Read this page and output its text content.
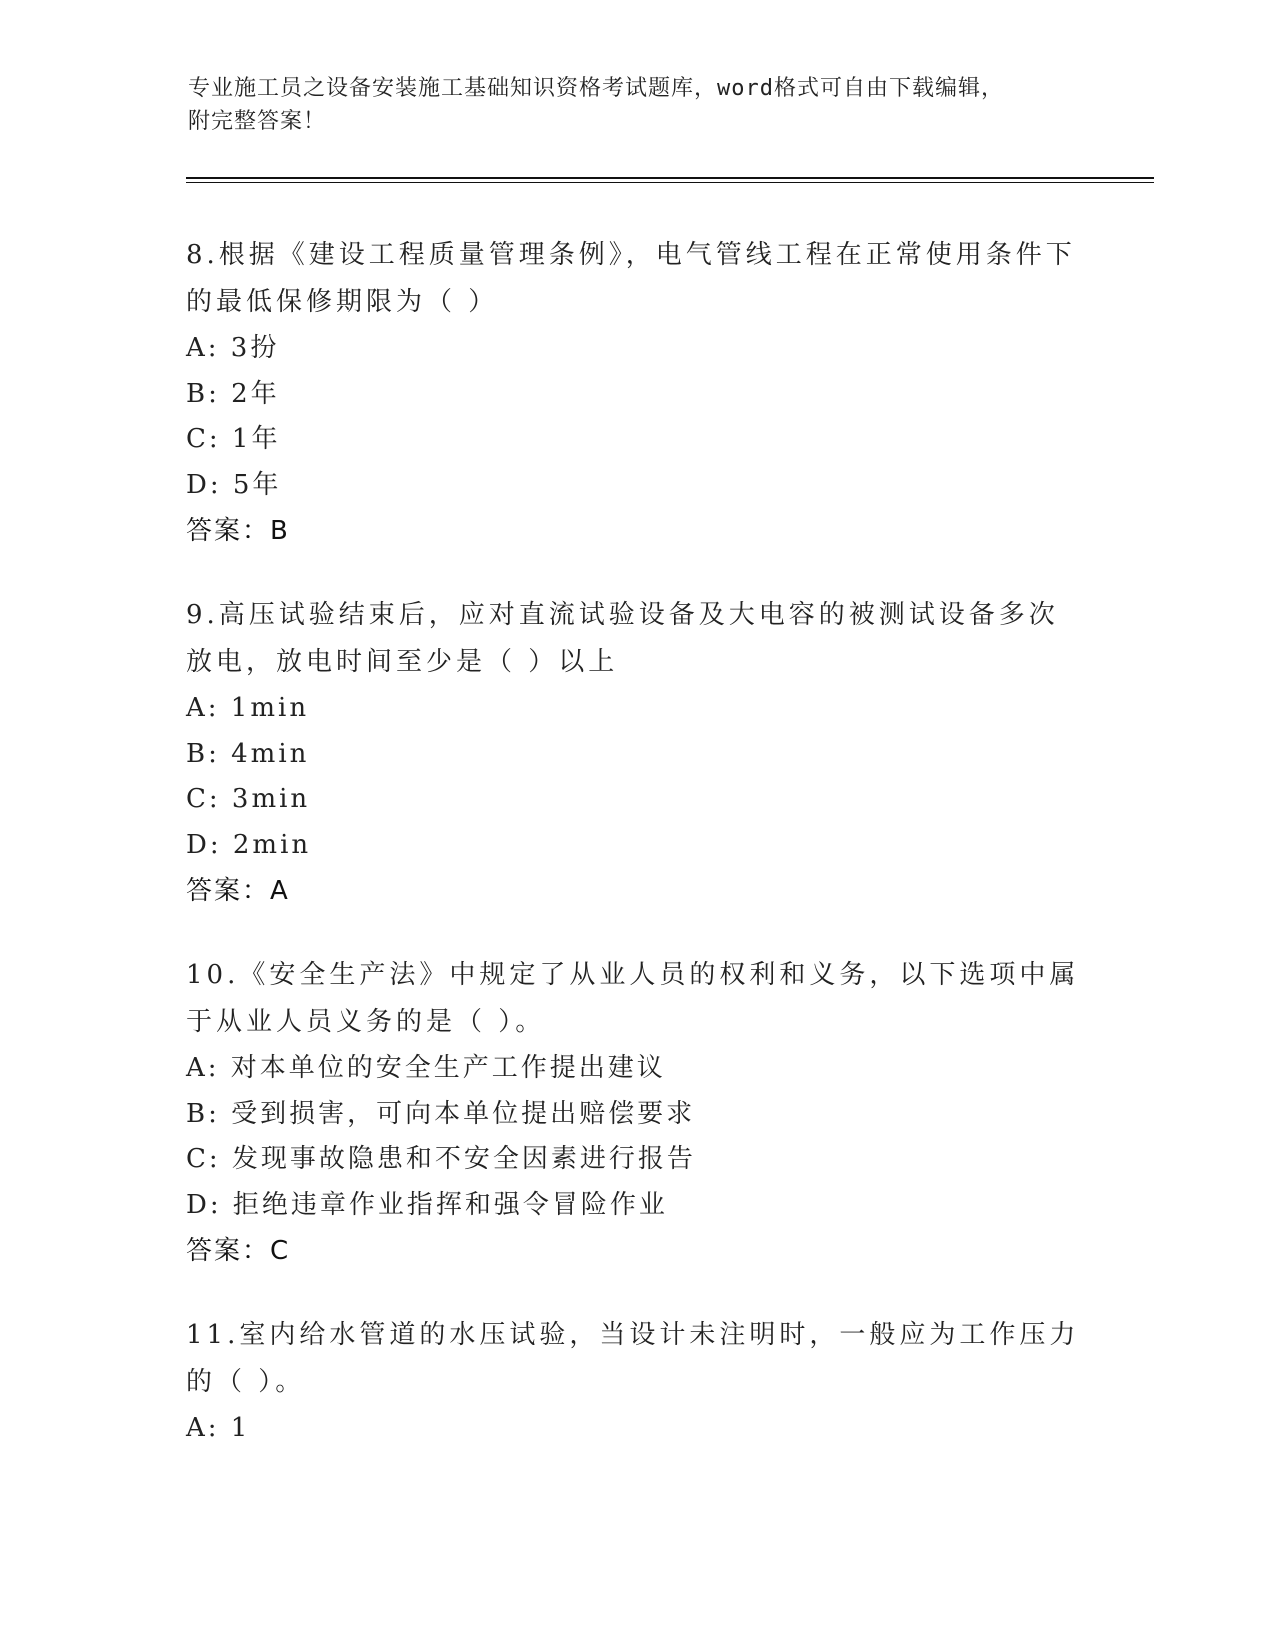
专业施工员之设备安装施工基础知识资格考试题库，word格式可自由下载编辑，
附完整答案！
8.根据《建设工程质量管理条例》，电气管线工程在正常使用条件下的最低保修期限为（ ）
A: 3扮
B: 2年
C: 1年
D: 5年
答案：B
9.高压试验结束后，应对直流试验设备及大电容的被测试设备多次放电，放电时间至少是（ ）以上
A: 1min
B: 4min
C: 3min
D: 2min
答案：A
10.《安全生产法》中规定了从业人员的权利和义务，以下选项中属于从业人员义务的是（ ）。
A: 对本单位的安全生产工作提出建议
B: 受到损害，可向本单位提出赔偿要求
C: 发现事故隐患和不安全因素进行报告
D: 拒绝违章作业指挥和强令冒险作业
答案：C
11.室内给水管道的水压试验，当设计未注明时，一般应为工作压力的（ ）。
A: 1
